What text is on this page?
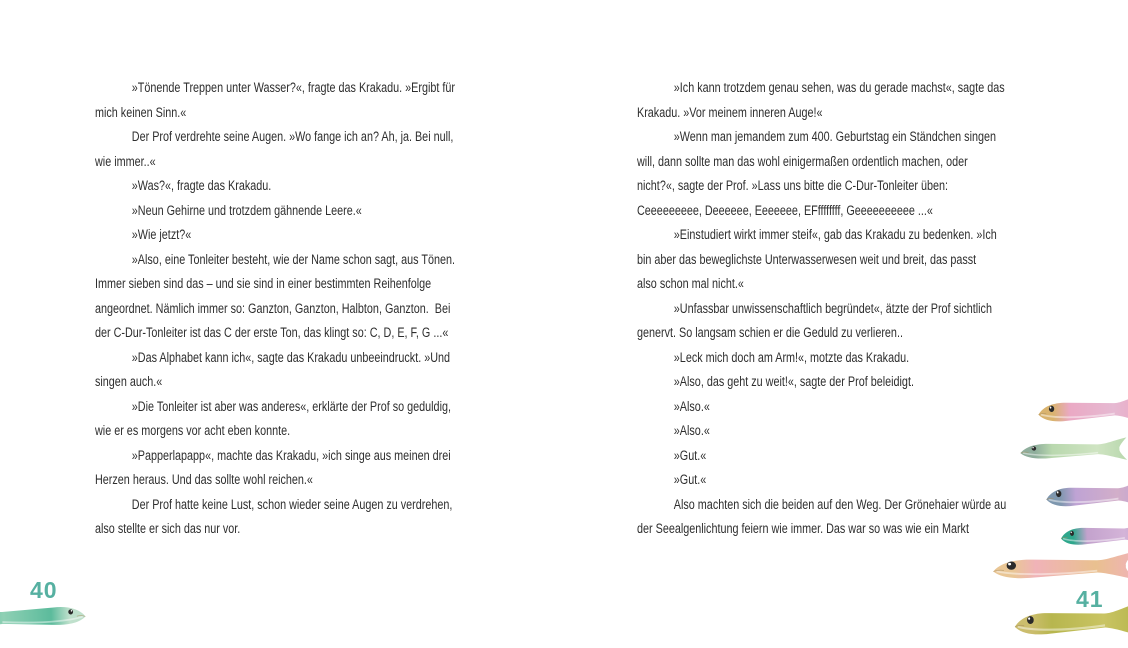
»Tönende Treppen unter Wasser?«, fragte das Krakadu. »Ergibt für
mich keinen Sinn.«
Der Prof verdrehte seine Augen. »Wo fange ich an? Ah, ja. Bei null,
wie immer..«
»Was?«, fragte das Krakadu.
»Neun Gehirne und trotzdem gähnende Leere.«
»Wie jetzt?«
»Also, eine Tonleiter besteht, wie der Name schon sagt, aus Tönen.
Immer sieben sind das – und sie sind in einer bestimmten Reihenfolge
angeordnet. Nämlich immer so: Ganzton, Ganzton, Halbton, Ganzton.  Bei
der C-Dur-Tonleiter ist das C der erste Ton, das klingt so: C, D, E, F, G ...«
»Das Alphabet kann ich«, sagte das Krakadu unbeeindruckt. »Und
singen auch.«
»Die Tonleiter ist aber was anderes«, erklärte der Prof so geduldig,
wie er es morgens vor acht eben konnte.
»Papperlapapp«, machte das Krakadu, »ich singe aus meinen drei
Herzen heraus. Und das sollte wohl reichen.«
Der Prof hatte keine Lust, schon wieder seine Augen zu verdrehen,
also stellte er sich das nur vor.
»Ich kann trotzdem genau sehen, was du gerade machst«, sagte das
Krakadu. »Vor meinem inneren Auge!«
»Wenn man jemandem zum 400. Geburtstag ein Ständchen singen
will, dann sollte man das wohl einigermaßen ordentlich machen, oder
nicht?«, sagte der Prof. »Lass uns bitte die C-Dur-Tonleiter üben:
Ceeeeeeeee, Deeeeee, Eeeeeee, EFffffffff, Geeeeeeeeee ...«
»Einstudiert wirkt immer steif«, gab das Krakadu zu bedenken. »Ich
bin aber das beweglichste Unterwasserwesen weit und breit, das passt
also schon mal nicht.«
»Unfassbar unwissenschaftlich begründet«, ätzte der Prof sichtlich
genervt. So langsam schien er die Geduld zu verlieren..
»Leck mich doch am Arm!«, motzte das Krakadu.
»Also, das geht zu weit!«, sagte der Prof beleidigt.
»Also.«
»Also.«
»Gut.«
»Gut.«
Also machten sich die beiden auf den Weg. Der Grönehaier würde au
der Seealgenlichtung feiern wie immer. Das war so was wie ein Markt
40	41
